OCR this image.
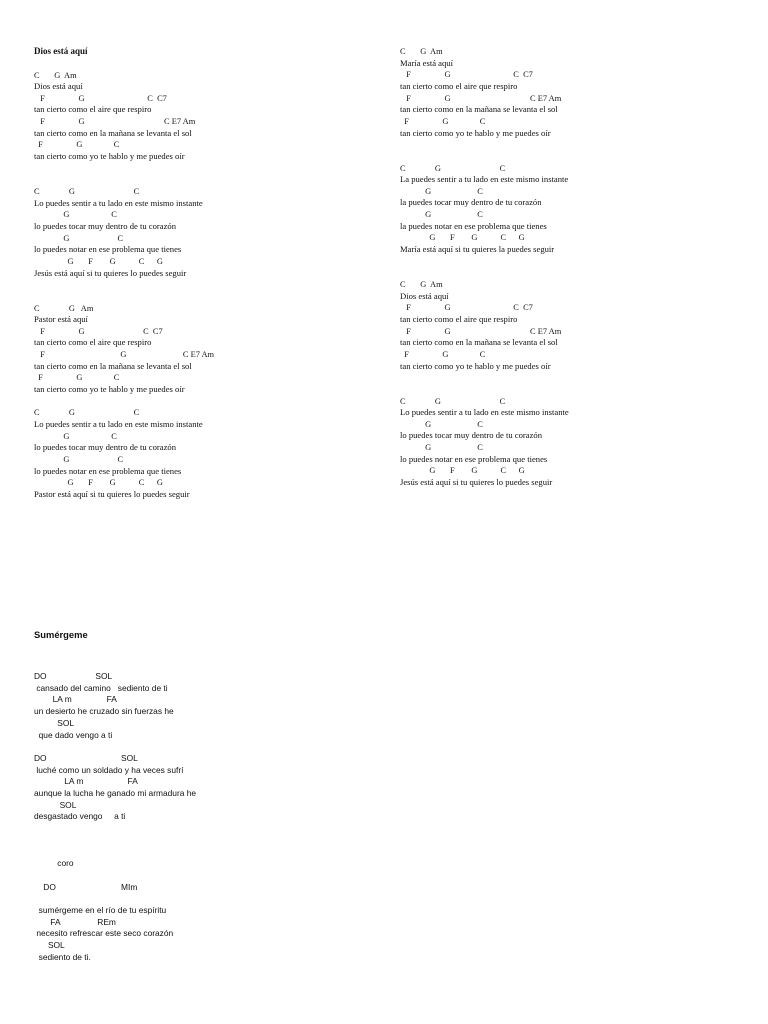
Dios está aquí
C       G  Am
Dios está aquí
F                G                              C  C7
tan cierto como el aire que respiro
F                G                                      C E7 Am
tan cierto como en la mañana se levanta el sol
F                G               C
tan cierto como yo te hablo y me puedes oír
C              G                            C
Lo puedes sentir a tu lado en este mismo instante
G                    C
lo puedes tocar muy dentro de tu corazón
G                       C
lo puedes notar en ese problema que tienes
G       F        G           C      G
Jesús está aquí si tu quieres lo puedes seguir
C              G   Am
Pastor está aquí
F                G                            C  C7
tan cierto como el aire que respiro
F                                    G                           C E7 Am
tan cierto como en la mañana se levanta el sol
F                G               C
tan cierto como yo te hablo y me puedes oír
C              G                            C
Lo puedes sentir a tu lado en este mismo instante
G                    C
lo puedes tocar muy dentro de tu corazón
G                       C
lo puedes notar en ese problema que tienes
G       F        G           C      G
Pastor está aquí si tu quieres lo puedes seguir
C       G  Am
María está aquí
F                G                              C  C7
tan cierto como el aire que respiro
F                G                                      C E7 Am
tan cierto como en la mañana se levanta el sol
F                G               C
tan cierto como yo te hablo y me puedes oír
C              G                            C
La puedes sentir a tu lado en este mismo instante
G                      C
la puedes tocar muy dentro de tu corazón
G                      C
la puedes notar en ese problema que tienes
G       F        G           C      G
María está aquí si tu quieres la puedes seguir
C       G  Am
Dios está aquí
F                G                              C  C7
tan cierto como el aire que respiro
F                G                                      C E7 Am
tan cierto como en la mañana se levanta el sol
F                G               C
tan cierto como yo te hablo y me puedes oír
C              G                            C
Lo puedes sentir a tu lado en este mismo instante
G                      C
lo puedes tocar muy dentro de tu corazón
G                      C
lo puedes notar en ese problema que tienes
G       F        G           C      G
Jesús está aquí si tu quieres lo puedes seguir
Sumérgeme
DO                     SOL
cansado del camino   sediento de ti
LA m               FA
un desierto he cruzado sin fuerzas he
SOL
que dado vengo a ti
DO                                SOL
luché como un soldado y ha veces sufrí
LA m                   FA
aunque la lucha he ganado mi armadura he
SOL
desgastado vengo     a ti
coro
DO                            MIm
sumérgeme en el río de tu espíritu
FA                REm
necesito refrescar este seco corazón
SOL
sediento de ti.
